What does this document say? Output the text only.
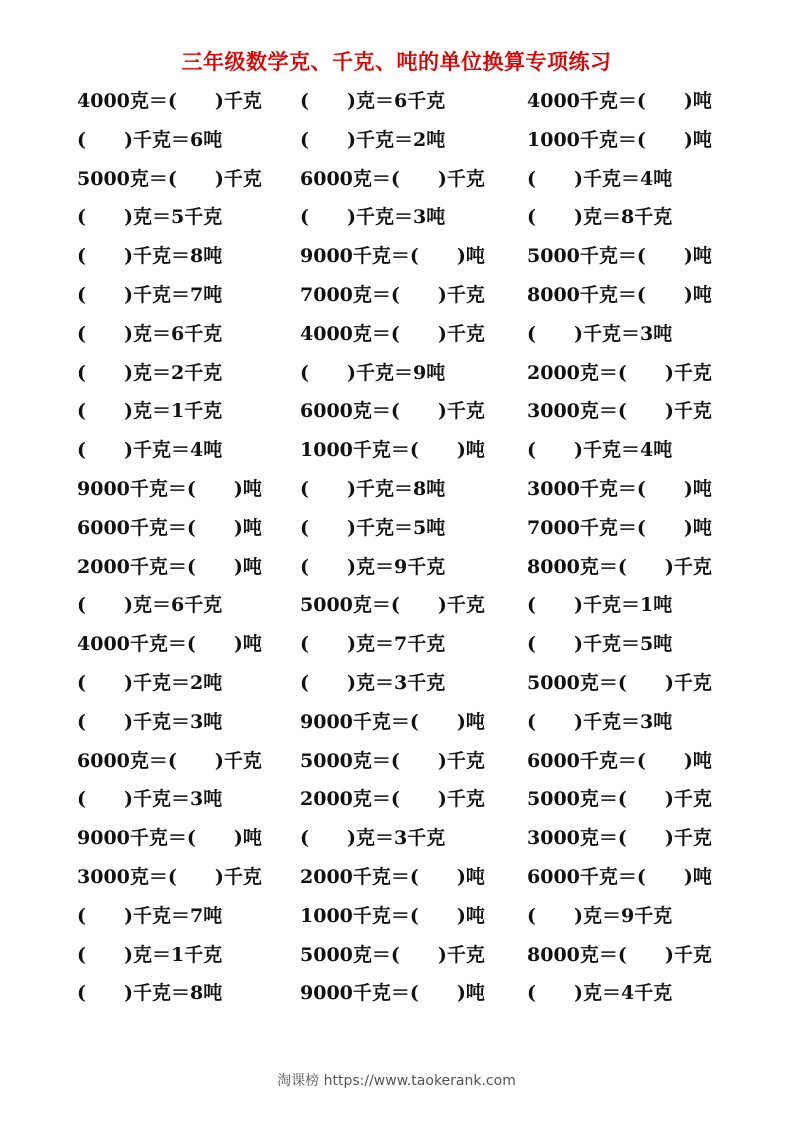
三年级数学克、千克、吨的单位换算专项练习
4000克＝(　　)千克 (　　)克＝6千克	4000千克＝(　　)吨
(　　)千克＝6吨	(　　)千克＝2吨	1000千克＝(　　)吨
5000克＝(　　)千克 6000克＝(　　)千克 (　　)千克＝4吨
(　　)克＝5千克	(　　)千克＝3吨	(　　)克＝8千克
(　　)千克＝8吨	9000千克＝(　　)吨 5000千克＝(　　)吨
(　　)千克＝7吨	7000克＝(　　)千克 8000千克＝(　　)吨
(　　)克＝6千克	4000克＝(　　)千克 (　　)千克＝3吨
(　　)克＝2千克	(　　)千克＝9吨	2000克＝(　　)千克
(　　)克＝1千克	6000克＝(　　)千克 3000克＝(　　)千克
(　　)千克＝4吨	1000千克＝(　　)吨 (　　)千克＝4吨
9000千克＝(　　)吨 (　　)千克＝8吨	3000千克＝(　　)吨
6000千克＝(　　)吨 (　　)千克＝5吨	7000千克＝(　　)吨
2000千克＝(　　)吨 (　　)克＝9千克	8000克＝(　　)千克
(　　)克＝6千克	5000克＝(　　)千克 (　　)千克＝1吨
4000千克＝(　　)吨 (　　)克＝7千克	(　　)千克＝5吨
(　　)千克＝2吨	(　　)克＝3千克	5000克＝(　　)千克
(　　)千克＝3吨	9000千克＝(　　)吨 (　　)千克＝3吨
6000克＝(　　)千克 5000克＝(　　)千克 6000千克＝(　　)吨
(　　)千克＝3吨	2000克＝(　　)千克 5000克＝(　　)千克
9000千克＝(　　)吨 (　　)克＝3千克	3000克＝(　　)千克
3000克＝(　　)千克 2000千克＝(　　)吨 6000千克＝(　　)吨
(　　)千克＝7吨	1000千克＝(　　)吨 (　　)克＝9千克
(　　)克＝1千克	5000克＝(　　)千克 8000克＝(　　)千克
(　　)千克＝8吨	9000千克＝(　　)吨 (　　)克＝4千克
淘课榜 https://www.taokerank.com
